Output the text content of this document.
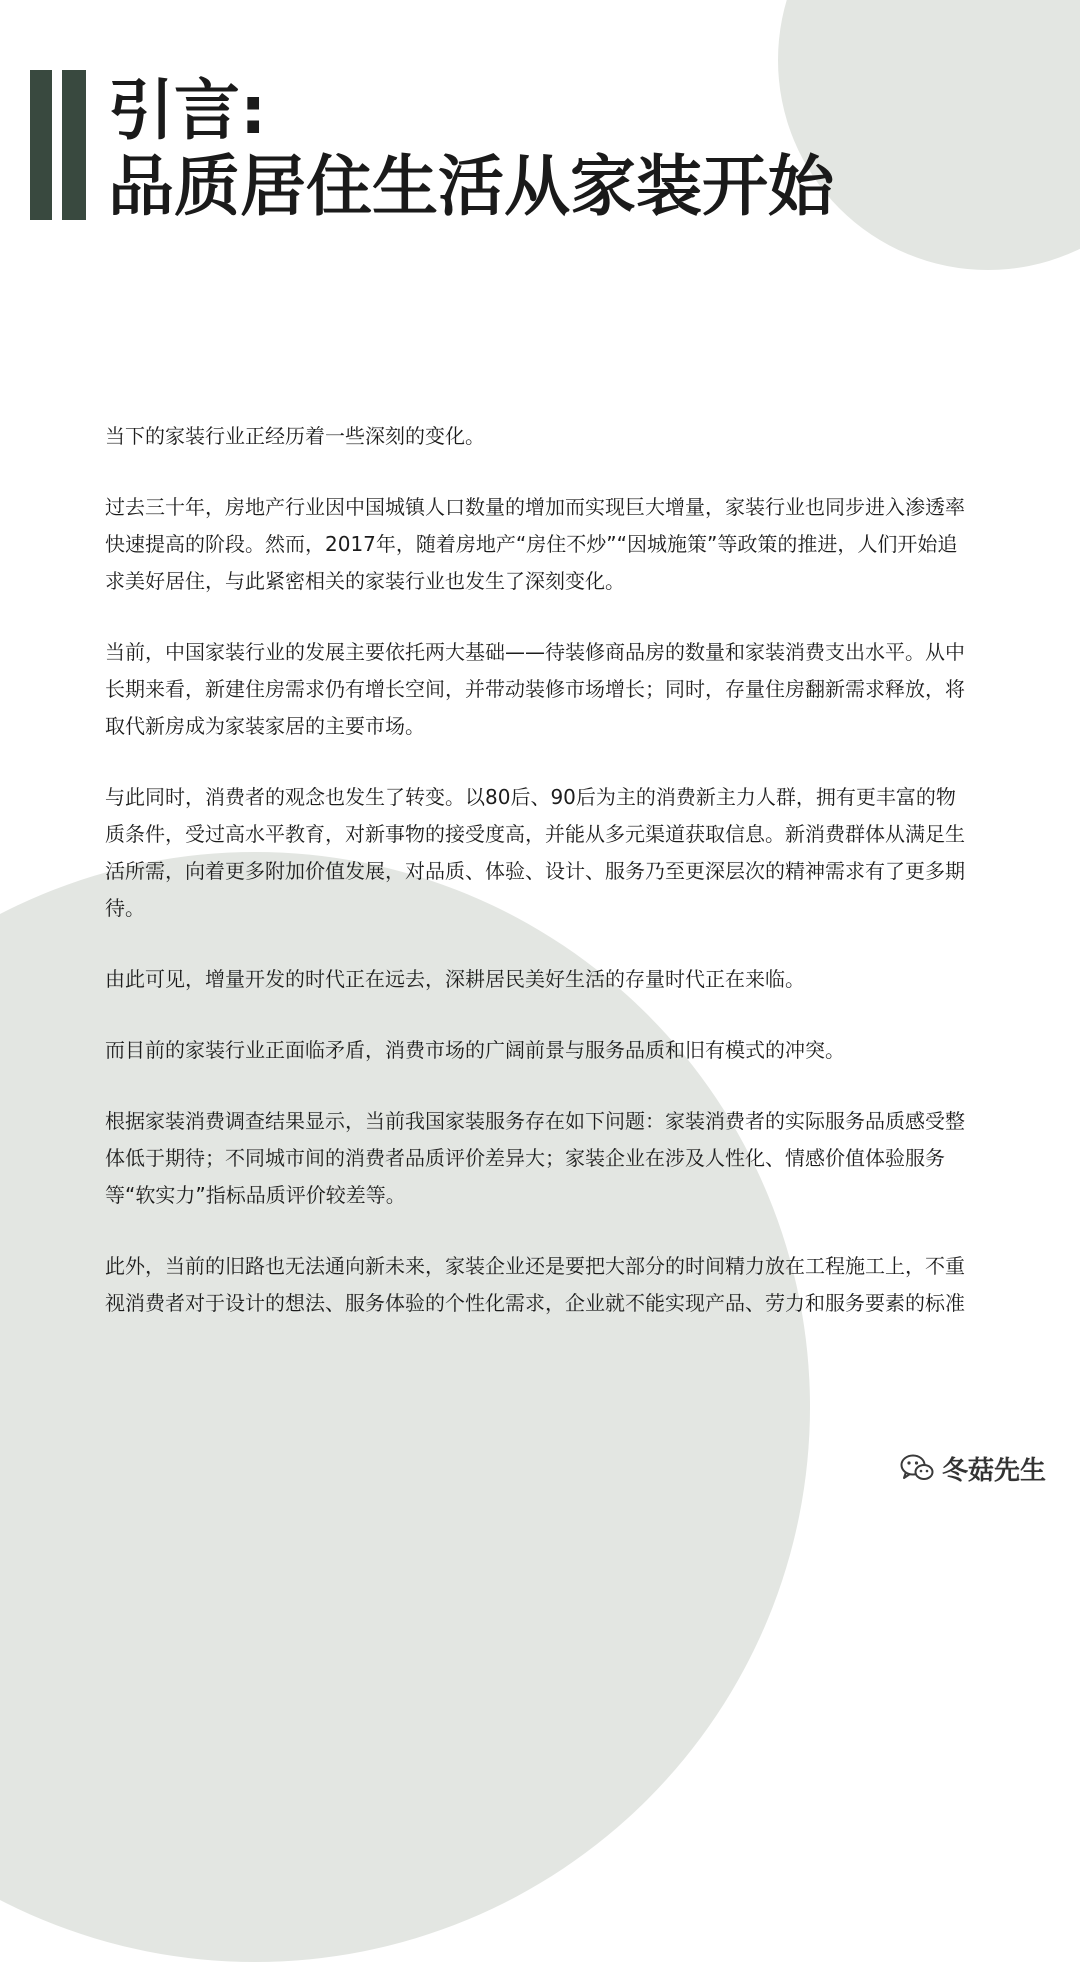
引言:
品质居住生活从家装开始

当下的家装行业正经历着一些深刻的变化。

过去三十年，房地产行业因中国城镇人口数量的增加而实现巨大增量，家装行业也同步进入渗透率快速提高的阶段。然而，2017年，随着房地产“房住不炒”“因城施策”等政策的推进，人们开始追求美好居住，与此紧密相关的家装行业也发生了深刻变化。

当前，中国家装行业的发展主要依托两大基础——待装修商品房的数量和家装消费支出水平。从中长期来看，新建住房需求仍有增长空间，并带动装修市场增长；同时，存量住房翻新需求释放，将取代新房成为家装家居的主要市场。

与此同时，消费者的观念也发生了转变。以80后、90后为主的消费新主力人群，拥有更丰富的物质条件，受过高水平教育，对新事物的接受度高，并能从多元渠道获取信息。新消费群体从满足生活所需，向着更多附加价值发展，对品质、体验、设计、服务乃至更深层次的精神需求有了更多期待。

由此可见，增量开发的时代正在远去，深耕居民美好生活的存量时代正在来临。

而目前的家装行业正面临矛盾，消费市场的广阔前景与服务品质和旧有模式的冲突。

根据家装消费调查结果显示，当前我国家装服务存在如下问题：家装消费者的实际服务品质感受整体低于期待；不同城市间的消费者品质评价差异大；家装企业在涉及人性化、情感价值体验服务等“软实力”指标品质评价较差等。

此外，当前的旧路也无法通向新未来，家装企业还是要把大部分的时间精力放在工程施工上，不重视消费者对于设计的想法、服务体验的个性化需求，企业就不能实现产品、劳力和服务要素的标准

冬菇先生
